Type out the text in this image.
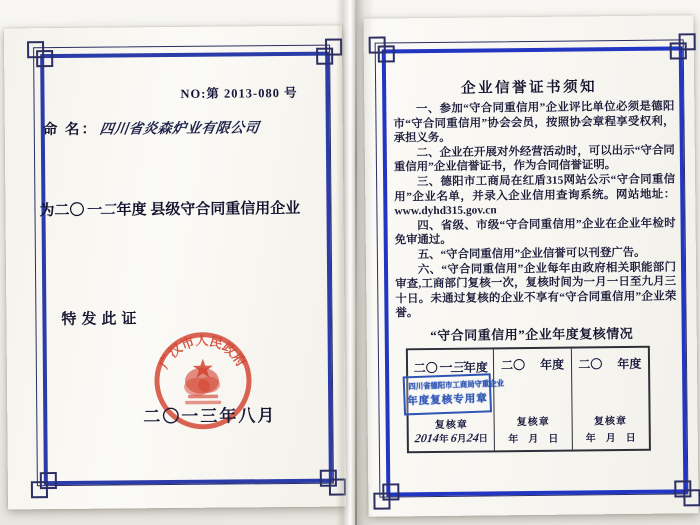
NO:第 2013-080 号
命 名：四川省炎森炉业有限公司
为二〇一二年度 县级守合同重信用企业
特发此证
广汉市人民政府
二〇一三年八月
企业信誉证书须知

一、参加“守合同重信用”企业评比单位必须是德阳市“守合同重信用”协会会员，按照协会章程享受权利，承担义务。

二、企业在开展对外经营活动时，可以出示“守合同重信用”企业信誉证书，作为合同信誉证明。

三、德阳市工商局在红盾315网站公示“守合同重信用”企业名单，并录入企业信用查询系统。网站地址：www.dyhd315.gov.cn

四、省级、市级“守合同重信用”企业在企业年检时免审通过。

五、“守合同重信用”企业信誉可以刊登广告。

六、“守合同重信用”企业每年由政府相关职能部门审查,工商部门复核一次，复核时间为一月一日至九月三十日。未通过复核的企业不享有“守合同重信用”企业荣誉。

“守合同重信用”企业年度复核情况
二〇一三年度
四川省德阳市工商局守重企业
年度复核专用章
复核章
2014年 6月24日
二〇 年度
复核章
年    月    日
二〇 年度
复核章
年    月    日
